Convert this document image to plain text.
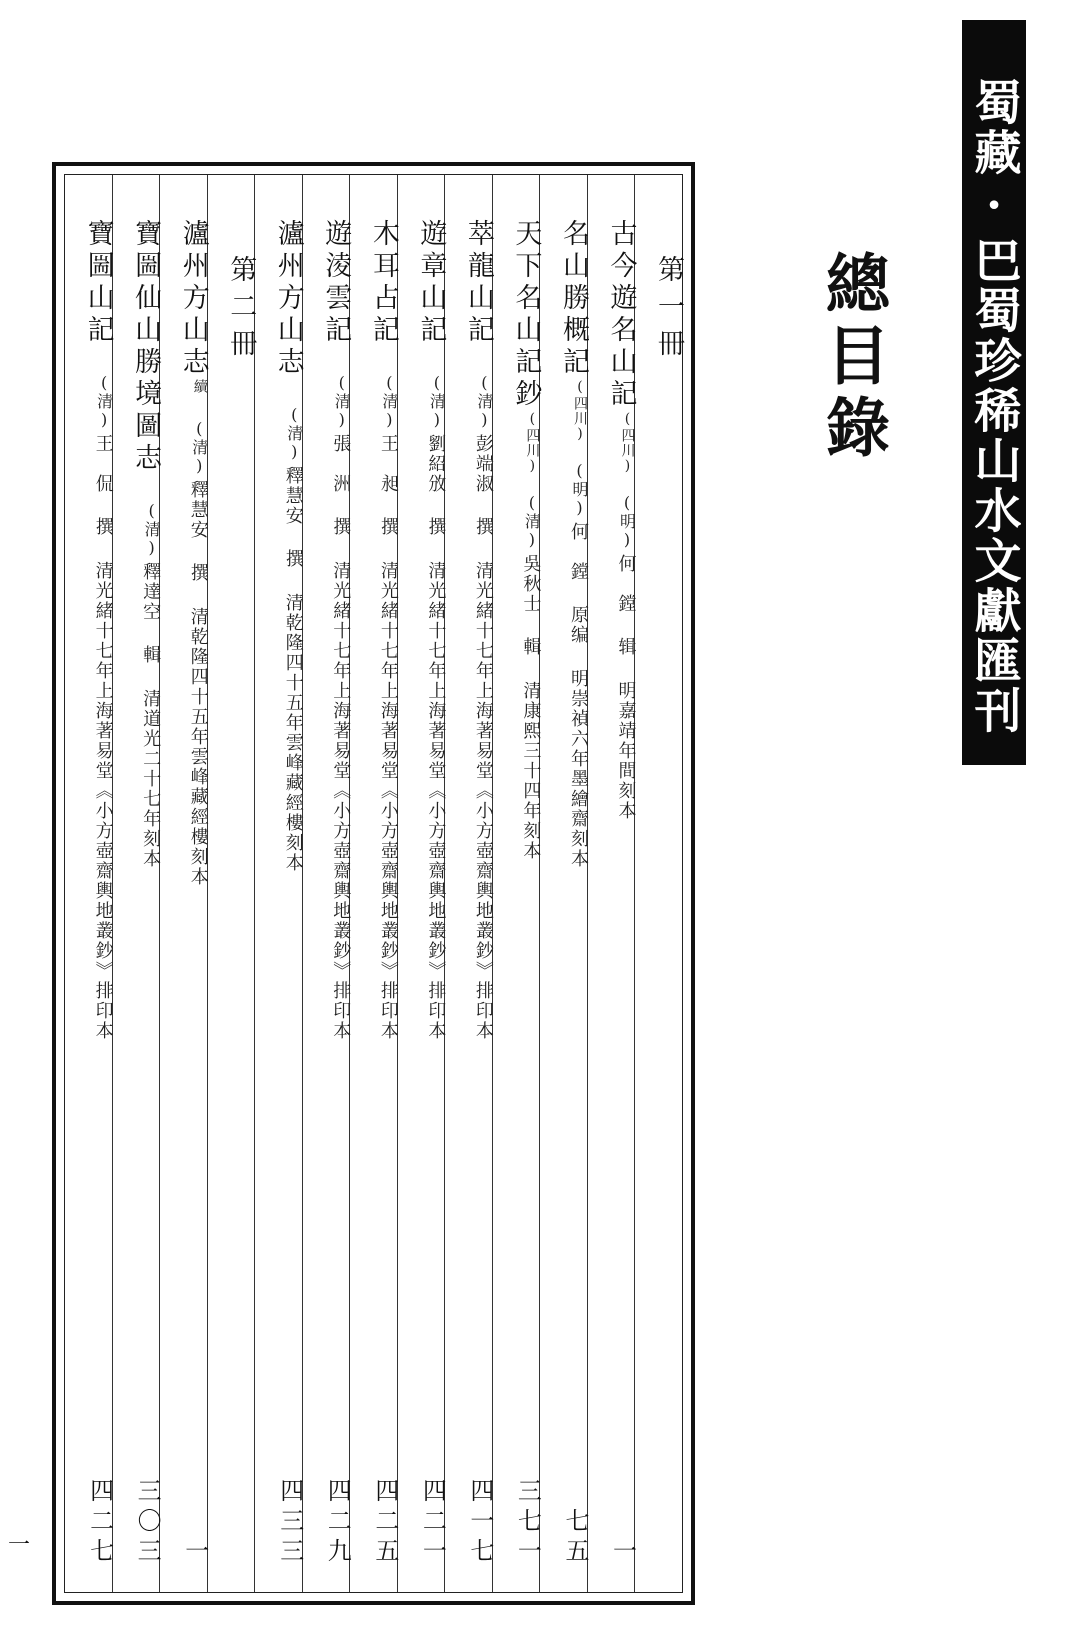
蜀藏·巴蜀珍稀山水文獻匯刊
總目錄
第一冊
古今遊名山記
(四川)
(明)
何　鏜 辑
明嘉靖年間刻本
一
名山勝概記
(四川)
(明)
何　鏜 原编
明崇禎六年墨繪齋刻本
七五
天下名山記鈔
(四川)
(清)
吳秋士 輯
清康熙三十四年刻本
三七一
萃龍山記
(清)
彭端淑 撰
清光緒十七年上海著易堂《小方壺齋輿地叢鈔》排印本
四一七
遊章山記
(清)
劉紹攽 撰
清光緒十七年上海著易堂《小方壺齋輿地叢鈔》排印本
四二一
木耳占記
(清)
王　昶 撰
清光緒十七年上海著易堂《小方壺齋輿地叢鈔》排印本
四二五
遊淩雲記
(清)
張　洲 撰
清光緒十七年上海著易堂《小方壺齋輿地叢鈔》排印本
四二九
瀘州方山志
(清)
釋慧安 撰
清乾隆四十五年雲峰藏經樓刻本
四三三
第二冊
瀘州方山志
續
(清)
釋慧安 撰
清乾隆四十五年雲峰藏經樓刻本
一
寶圌仙山勝境圖志
(清)
釋達空 輯
清道光二十七年刻本
三〇三
寶圌山記
(清)
王　侃 撰
清光緒十七年上海著易堂《小方壺齋輿地叢鈔》排印本
四二七
一
